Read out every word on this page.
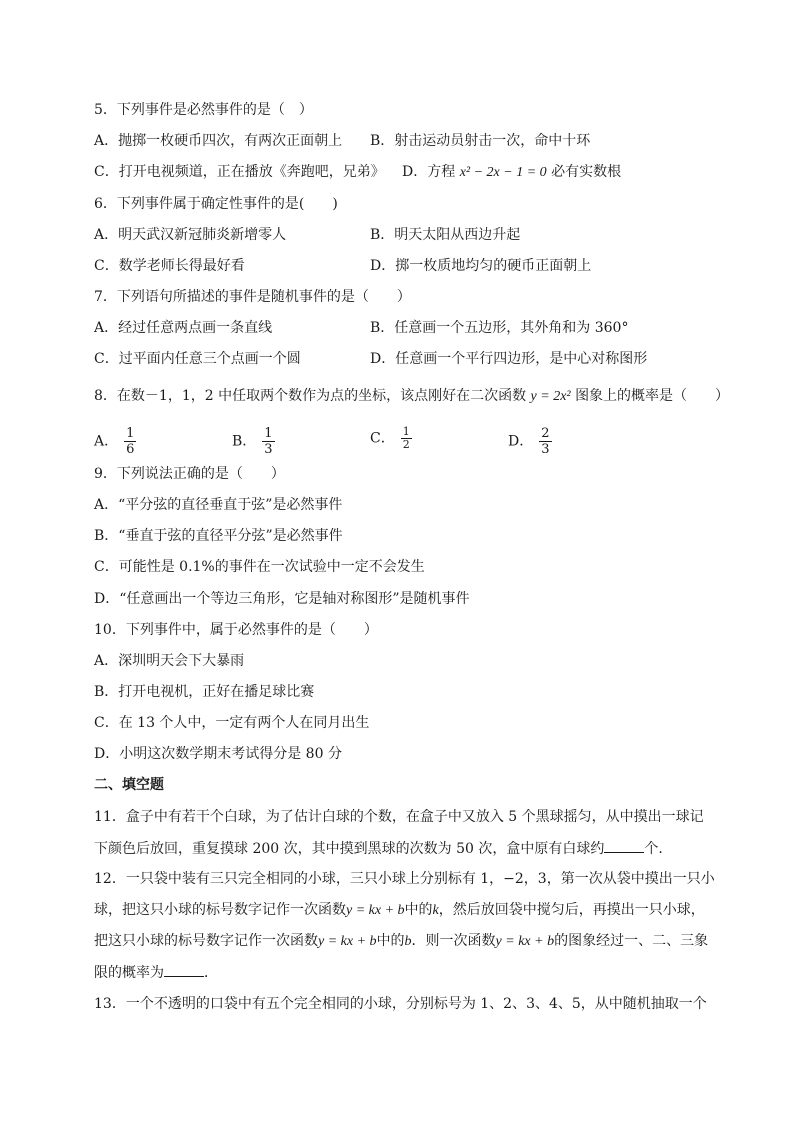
5．下列事件是必然事件的是（　）
A．抛掷一枚硬币四次，有两次正面朝上 B．射击运动员射击一次，命中十环
C．打开电视频道，正在播放《奔跑吧，兄弟》 D．方程 x² − 2x − 1 = 0 必有实数根
6．下列事件属于确定性事件的是(　　)
A．明天武汉新冠肺炎新增零人	B．明天太阳从西边升起
C．数学老师长得最好看	D．掷一枚质地均匀的硬币正面朝上
7．下列语句所描述的事件是随机事件的是（　　）
A．经过任意两点画一条直线	B．任意画一个五边形，其外角和为 360°
C．过平面内任意三个点画一个圆	D．任意画一个平行四边形，是中心对称图形
8．在数－1，1，2 中任取两个数作为点的坐标，该点刚好在二次函数 y = 2x² 图象上的概率是（　　）
A． $\frac{1}{6}$	B． $\frac{1}{3}$	C． $\frac{1}{2}$	D． $\frac{2}{3}$
9．下列说法正确的是（　　）
A．“平分弦的直径垂直于弦”是必然事件
B．“垂直于弦的直径平分弦”是必然事件
C．可能性是 0.1%的事件在一次试验中一定不会发生
D．“任意画出一个等边三角形，它是轴对称图形”是随机事件
10．下列事件中，属于必然事件的是（　　）
A．深圳明天会下大暴雨
B．打开电视机，正好在播足球比赛
C．在 13 个人中，一定有两个人在同月出生
D．小明这次数学期末考试得分是 80 分
二、填空题
11．盒子中有若干个白球，为了估计白球的个数，在盒子中又放入 5 个黑球摇匀，从中摸出一球记
下颜色后放回，重复摸球 200 次，其中摸到黑球的次数为 50 次，盒中原有白球约	个.
12．一只袋中装有三只完全相同的小球，三只小球上分别标有 1，−2，3，第一次从袋中摸出一只小
球，把这只小球的标号数字记作一次函数y = kx + b中的k，然后放回袋中搅匀后，再摸出一只小球，
把这只小球的标号数字记作一次函数y = kx + b中的b．则一次函数y = kx + b的图象经过一、二、三象
限的概率为	．
13．一个不透明的口袋中有五个完全相同的小球，分别标号为 1、2、3、4、5，从中随机抽取一个
